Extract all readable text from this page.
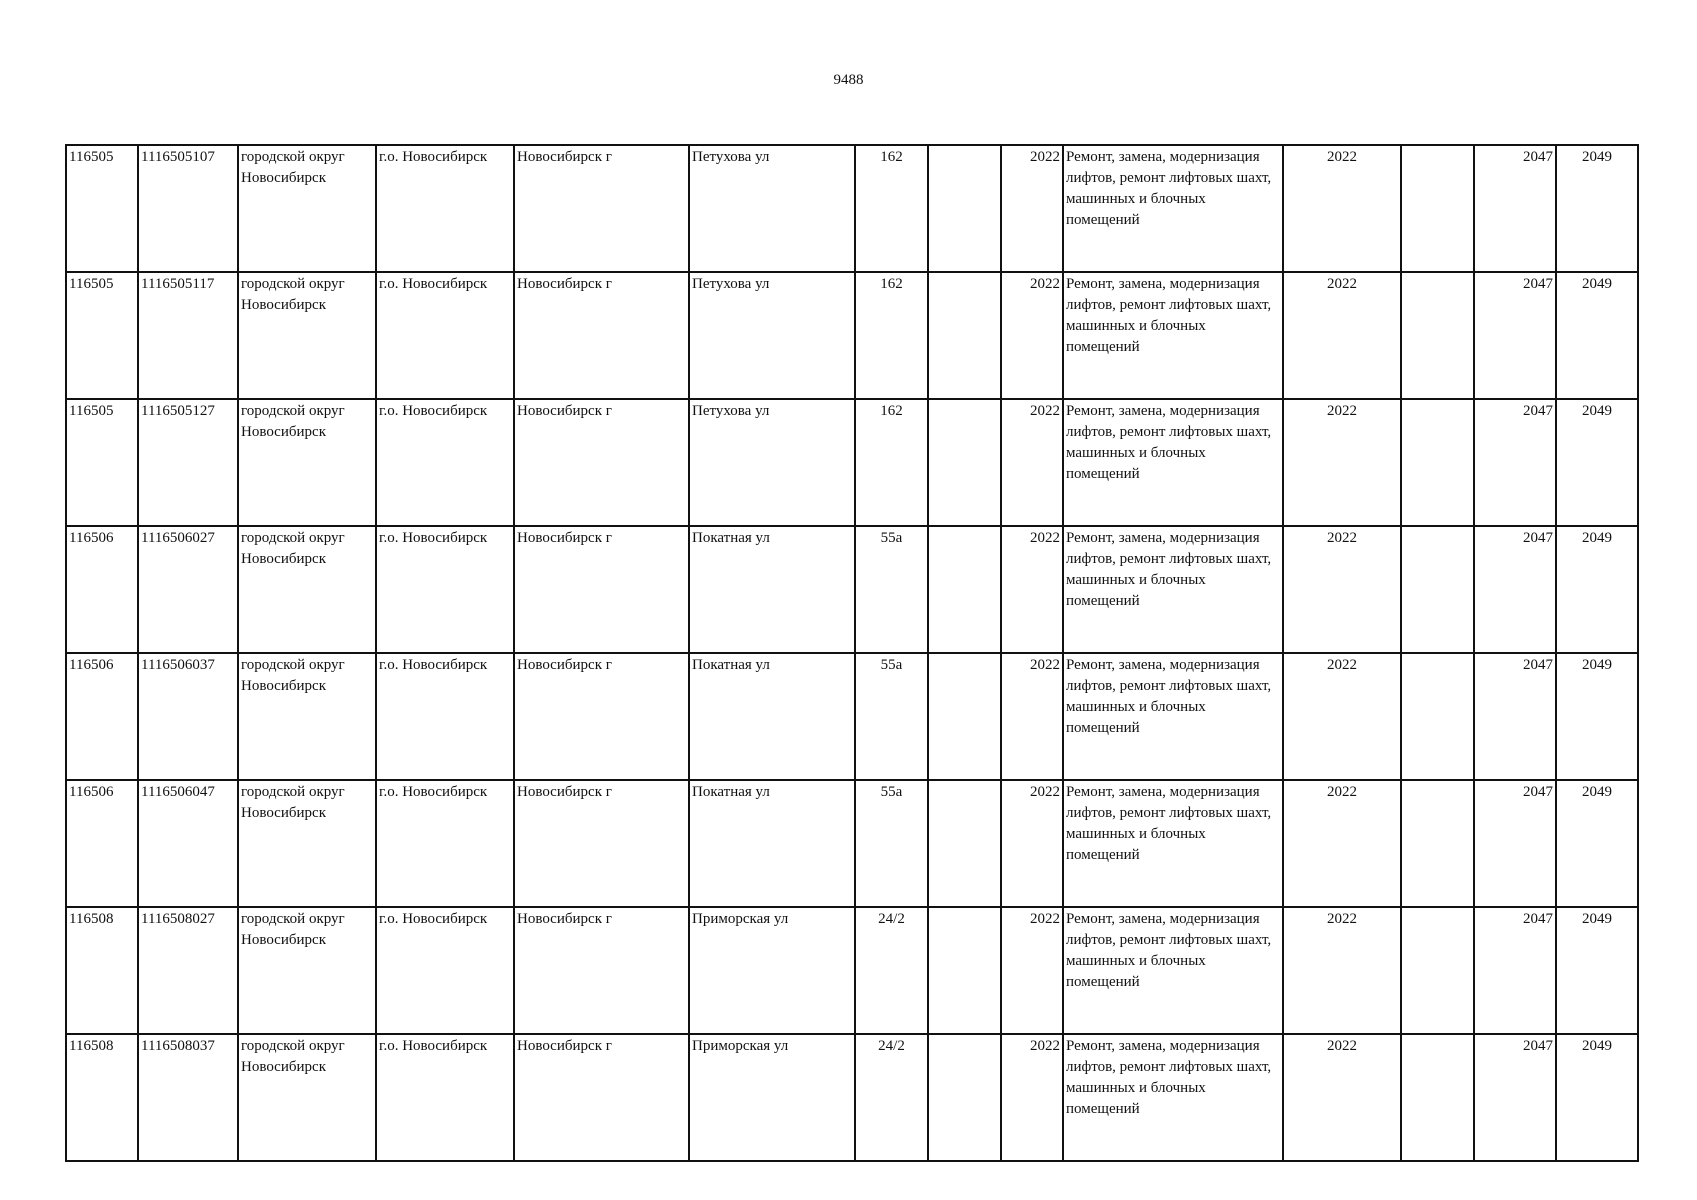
9488
116505	1116505107	городской округ Новосибирск	г.о. Новосибирск	Новосибирск г	Петухова ул	162		2022	Ремонт, замена, модернизация лифтов, ремонт лифтовых шахт, машинных и блочных помещений	2022		2047	2049
116505	1116505117	городской округ Новосибирск	г.о. Новосибирск	Новосибирск г	Петухова ул	162		2022	Ремонт, замена, модернизация лифтов, ремонт лифтовых шахт, машинных и блочных помещений	2022		2047	2049
116505	1116505127	городской округ Новосибирск	г.о. Новосибирск	Новосибирск г	Петухова ул	162		2022	Ремонт, замена, модернизация лифтов, ремонт лифтовых шахт, машинных и блочных помещений	2022		2047	2049
116506	1116506027	городской округ Новосибирск	г.о. Новосибирск	Новосибирск г	Покатная ул	55а		2022	Ремонт, замена, модернизация лифтов, ремонт лифтовых шахт, машинных и блочных помещений	2022		2047	2049
116506	1116506037	городской округ Новосибирск	г.о. Новосибирск	Новосибирск г	Покатная ул	55а		2022	Ремонт, замена, модернизация лифтов, ремонт лифтовых шахт, машинных и блочных помещений	2022		2047	2049
116506	1116506047	городской округ Новосибирск	г.о. Новосибирск	Новосибирск г	Покатная ул	55а		2022	Ремонт, замена, модернизация лифтов, ремонт лифтовых шахт, машинных и блочных помещений	2022		2047	2049
116508	1116508027	городской округ Новосибирск	г.о. Новосибирск	Новосибирск г	Приморская ул	24/2		2022	Ремонт, замена, модернизация лифтов, ремонт лифтовых шахт, машинных и блочных помещений	2022		2047	2049
116508	1116508037	городской округ Новосибирск	г.о. Новосибирск	Новосибирск г	Приморская ул	24/2		2022	Ремонт, замена, модернизация лифтов, ремонт лифтовых шахт, машинных и блочных помещений	2022		2047	2049
